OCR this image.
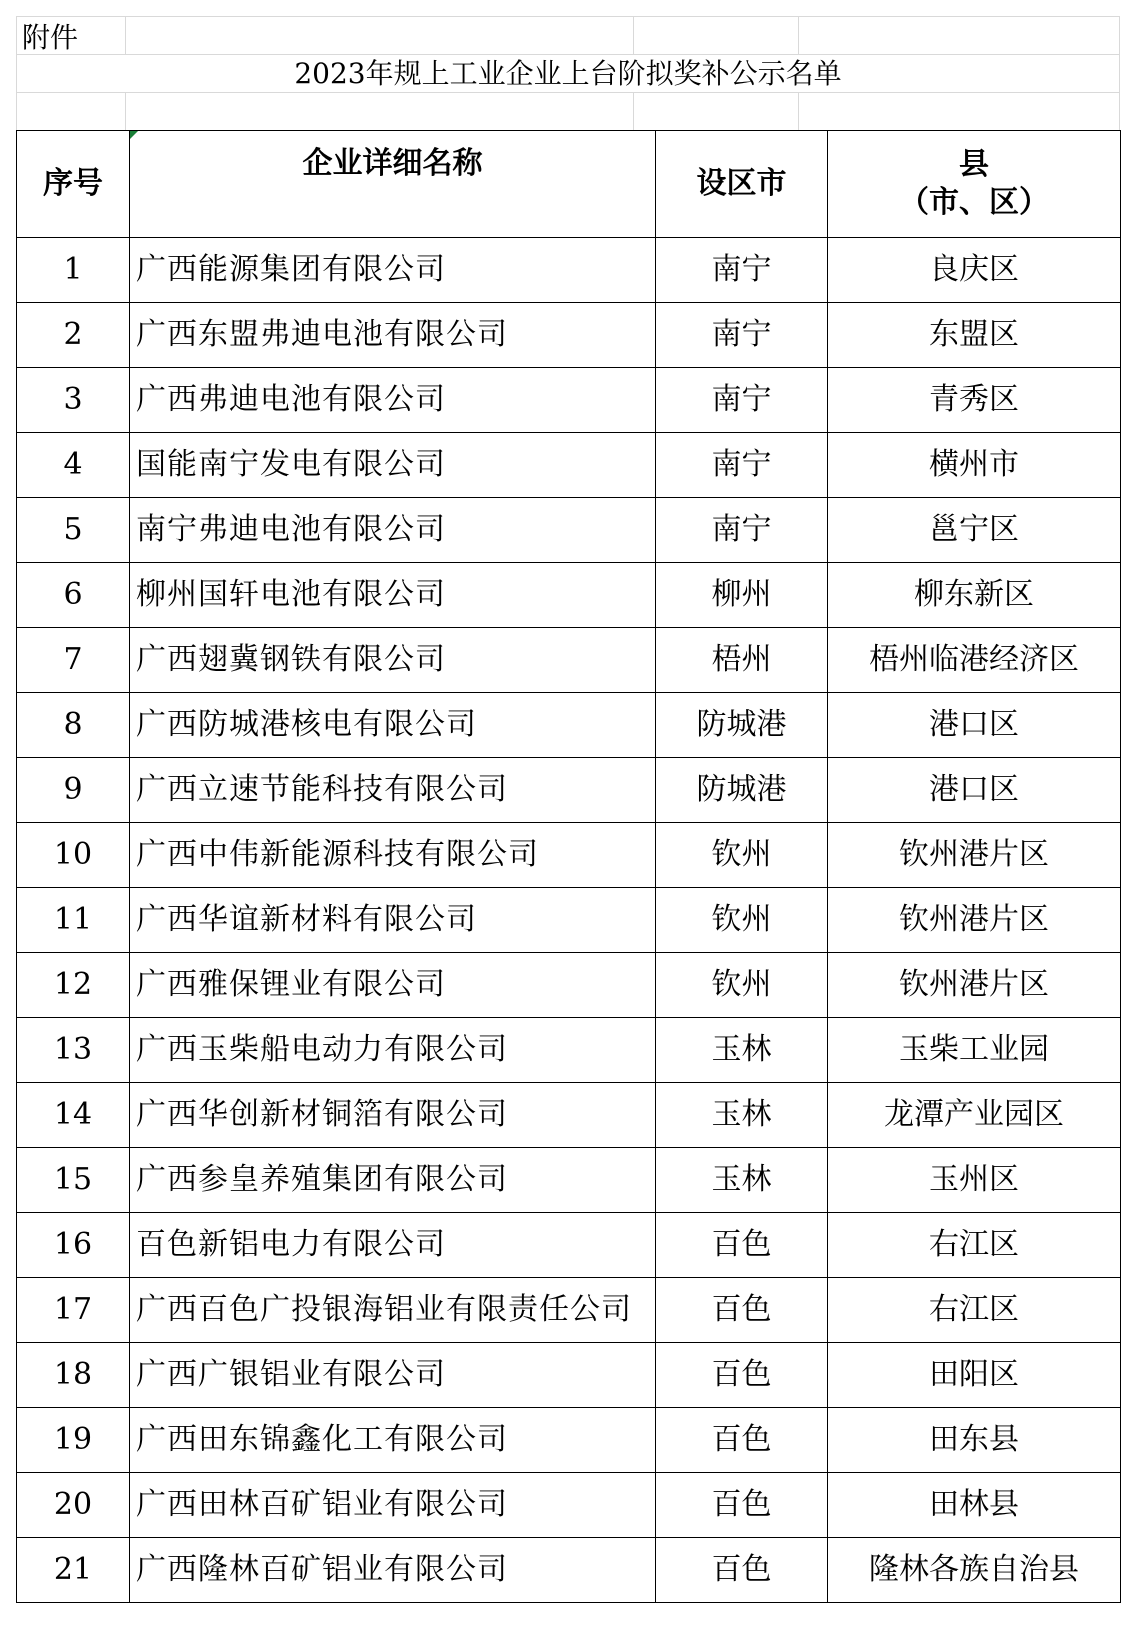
附件
2023年规上工业企业上台阶拟奖补公示名单
序号	企业详细名称	设区市	县
（市、区）

1	广西能源集团有限公司	南宁	良庆区
2	广西东盟弗迪电池有限公司	南宁	东盟区
3	广西弗迪电池有限公司	南宁	青秀区
4	国能南宁发电有限公司	南宁	横州市
5	南宁弗迪电池有限公司	南宁	邕宁区
6	柳州国轩电池有限公司	柳州	柳东新区
7	广西翅冀钢铁有限公司	梧州	梧州临港经济区
8	广西防城港核电有限公司	防城港	港口区
9	广西立速节能科技有限公司	防城港	港口区
10	广西中伟新能源科技有限公司	钦州	钦州港片区
11	广西华谊新材料有限公司	钦州	钦州港片区
12	广西雅保锂业有限公司	钦州	钦州港片区
13	广西玉柴船电动力有限公司	玉林	玉柴工业园
14	广西华创新材铜箔有限公司	玉林	龙潭产业园区
15	广西参皇养殖集团有限公司	玉林	玉州区
16	百色新铝电力有限公司	百色	右江区
17	广西百色广投银海铝业有限责任公司	百色	右江区
18	广西广银铝业有限公司	百色	田阳区
19	广西田东锦鑫化工有限公司	百色	田东县
20	广西田林百矿铝业有限公司	百色	田林县
21	广西隆林百矿铝业有限公司	百色	隆林各族自治县
